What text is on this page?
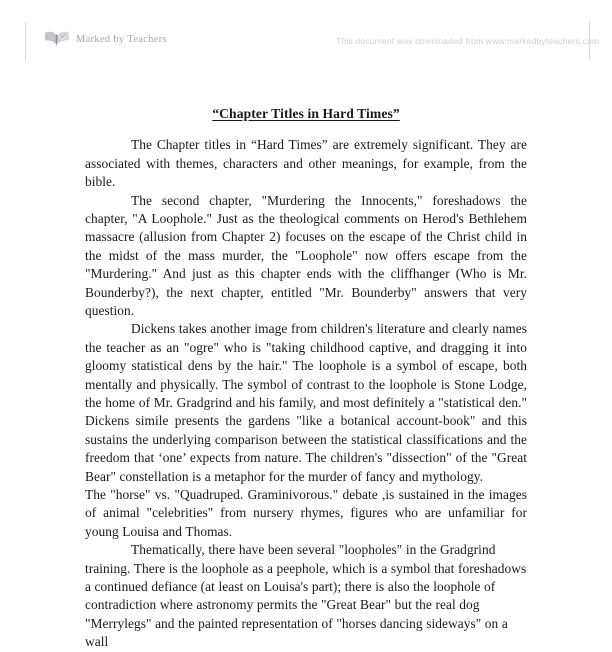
Marked by Teachers	This document was downloaded from www.markedbyteachers.com
“Chapter Titles in Hard Times”

The Chapter titles in “Hard Times” are extremely significant. They are associated with themes, characters and other meanings, for example, from the bible.

The second chapter, "Murdering the Innocents," foreshadows the chapter, "A Loophole." Just as the theological comments on Herod's Bethlehem massacre (allusion from Chapter 2) focuses on the escape of the Christ child in the midst of the mass murder, the "Loophole" now offers escape from the "Murdering." And just as this chapter ends with the cliffhanger (Who is Mr. Bounderby?), the next chapter, entitled "Mr. Bounderby" answers that very question.

Dickens takes another image from children's literature and clearly names the teacher as an "ogre" who is "taking childhood captive, and dragging it into gloomy statistical dens by the hair." The loophole is a symbol of escape, both mentally and physically. The symbol of contrast to the loophole is Stone Lodge, the home of Mr. Gradgrind and his family, and most definitely a "statistical den." Dickens simile presents the gardens "like a botanical account-book" and this sustains the underlying comparison between the statistical classifications and the freedom that ‘one’ expects from nature. The children's "dissection" of the "Great Bear" constellation is a metaphor for the murder of fancy and mythology.

The "horse" vs. "Quadruped. Graminivorous." debate ,is sustained in the images of animal "celebrities" from nursery rhymes, figures who are unfamiliar for young Louisa and Thomas.

Thematically, there have been several "loopholes" in the Gradgrind training. There is the loophole as a peephole, which is a symbol that foreshadows a continued defiance (at least on Louisa's part); there is also the loophole of contradiction where astronomy permits the "Great Bear" but the real dog "Merrylegs" and the painted representation of "horses dancing sideways" on a wall
